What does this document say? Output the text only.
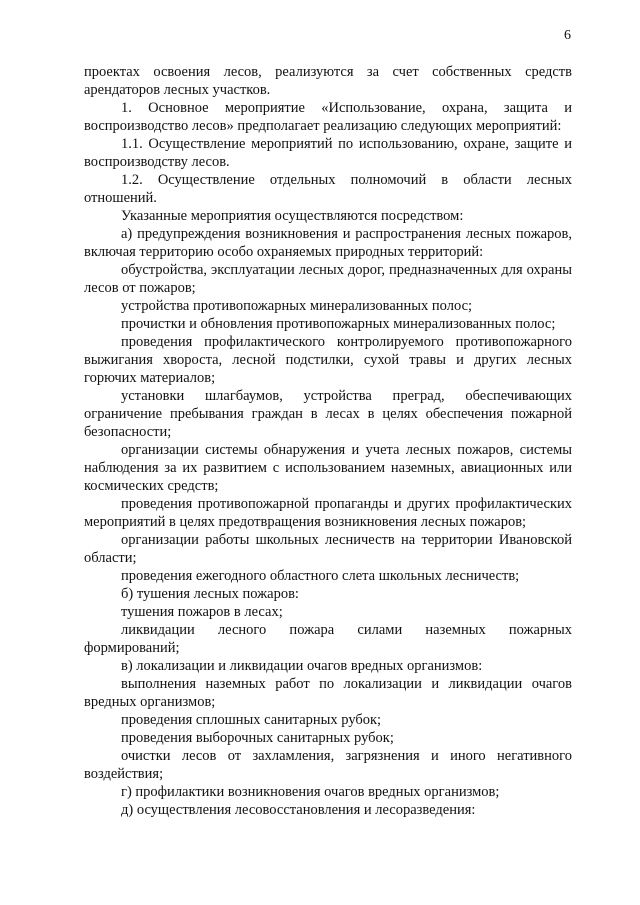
6

проектах освоения лесов, реализуются за счет собственных средств арендаторов лесных участков.

1. Основное мероприятие «Использование, охрана, защита и воспроизводство лесов» предполагает реализацию следующих мероприятий:

1.1. Осуществление мероприятий по использованию, охране, защите и воспроизводству лесов.

1.2. Осуществление отдельных полномочий в области лесных отношений.

Указанные мероприятия осуществляются посредством:

а) предупреждения возникновения и распространения лесных пожаров, включая территорию особо охраняемых природных территорий:

обустройства, эксплуатации лесных дорог, предназначенных для охраны лесов от пожаров;

устройства противопожарных минерализованных полос;

прочистки и обновления противопожарных минерализованных полос;

проведения профилактического контролируемого противопожарного выжигания хвороста, лесной подстилки, сухой травы и других лесных горючих материалов;

установки шлагбаумов, устройства преград, обеспечивающих ограничение пребывания граждан в лесах в целях обеспечения пожарной безопасности;

организации системы обнаружения и учета лесных пожаров, системы наблюдения за их развитием с использованием наземных, авиационных или космических средств;

проведения противопожарной пропаганды и других профилактических мероприятий в целях предотвращения возникновения лесных пожаров;

организации работы школьных лесничеств на территории Ивановской области;

проведения ежегодного областного слета школьных лесничеств;

б) тушения лесных пожаров:

тушения пожаров в лесах;

ликвидации лесного пожара силами наземных пожарных формирований;

в) локализации и ликвидации очагов вредных организмов:

выполнения наземных работ по локализации и ликвидации очагов вредных организмов;

проведения сплошных санитарных рубок;

проведения выборочных санитарных рубок;

очистки лесов от захламления, загрязнения и иного негативного воздействия;

г) профилактики возникновения очагов вредных организмов;

д) осуществления лесовосстановления и лесоразведения:
